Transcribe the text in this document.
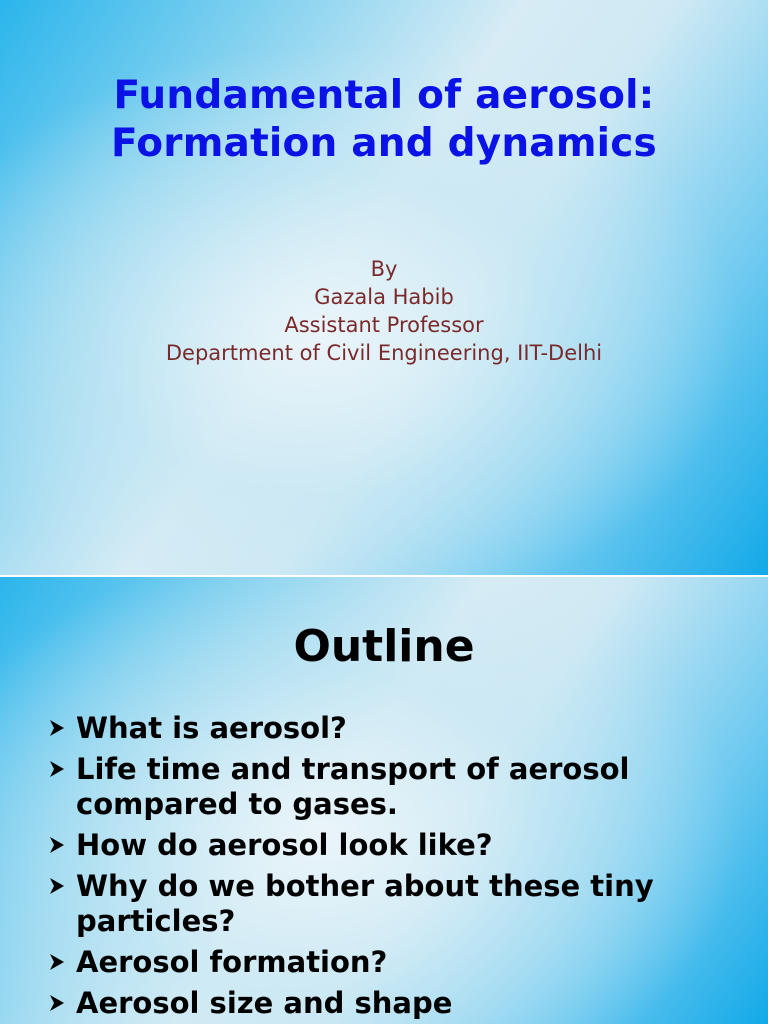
Fundamental of aerosol:
Formation and dynamics
By
Gazala Habib
Assistant Professor
Department of Civil Engineering, IIT-Delhi
Outline
What is aerosol?
Life time and transport of aerosol compared to gases.
How do aerosol look like?
Why do we bother about these tiny particles?
Aerosol formation?
Aerosol size and shape
